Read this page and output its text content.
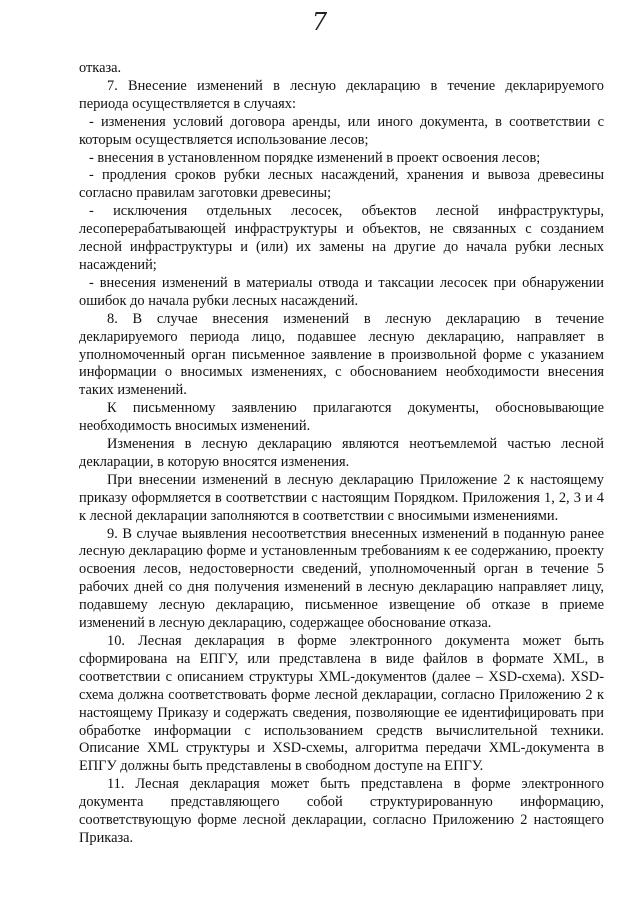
7

отказа.

7. Внесение изменений в лесную декларацию в течение декларируемого периода осуществляется в случаях:

- изменения условий договора аренды, или иного документа, в соответствии с которым осуществляется использование лесов;

- внесения в установленном порядке изменений в проект освоения лесов;

- продления сроков рубки лесных насаждений, хранения и вывоза древесины согласно правилам заготовки древесины;

- исключения отдельных лесосек, объектов лесной инфраструктуры, лесоперерабатывающей инфраструктуры и объектов, не связанных с созданием лесной инфраструктуры и (или) их замены на другие до начала рубки лесных насаждений;

- внесения изменений в материалы отвода и таксации лесосек при обнаружении ошибок до начала рубки лесных насаждений.

8. В случае внесения изменений в лесную декларацию в течение декларируемого периода лицо, подавшее лесную декларацию, направляет в уполномоченный орган письменное заявление в произвольной форме с указанием информации о вносимых изменениях, с обоснованием необходимости внесения таких изменений.

К письменному заявлению прилагаются документы, обосновывающие необходимость вносимых изменений.

Изменения в лесную декларацию являются неотъемлемой частью лесной декларации, в которую вносятся изменения.

При внесении изменений в лесную декларацию Приложение 2 к настоящему приказу оформляется в соответствии с настоящим Порядком. Приложения 1, 2, 3 и 4 к лесной декларации заполняются в соответствии с вносимыми изменениями.

9. В случае выявления несоответствия внесенных изменений в поданную ранее лесную декларацию форме и установленным требованиям к ее содержанию, проекту освоения лесов, недостоверности сведений, уполномоченный орган в течение 5 рабочих дней со дня получения изменений в лесную декларацию направляет лицу, подавшему лесную декларацию, письменное извещение об отказе в приеме изменений в лесную декларацию, содержащее обоснование отказа.

10. Лесная декларация в форме электронного документа может быть сформирована на ЕПГУ, или представлена в виде файлов в формате XML, в соответствии с описанием структуры XML-документов (далее – XSD-схема). XSD-схема должна соответствовать форме лесной декларации, согласно Приложению 2 к настоящему Приказу и содержать сведения, позволяющие ее идентифицировать при обработке информации с использованием средств вычислительной техники. Описание XML структуры и XSD-схемы, алгоритма передачи XML-документа в ЕПГУ должны быть представлены в свободном доступе на ЕПГУ.

11. Лесная декларация может быть представлена в форме электронного документа представляющего собой структурированную информацию, соответствующую форме лесной декларации, согласно Приложению 2 настоящего Приказа.
